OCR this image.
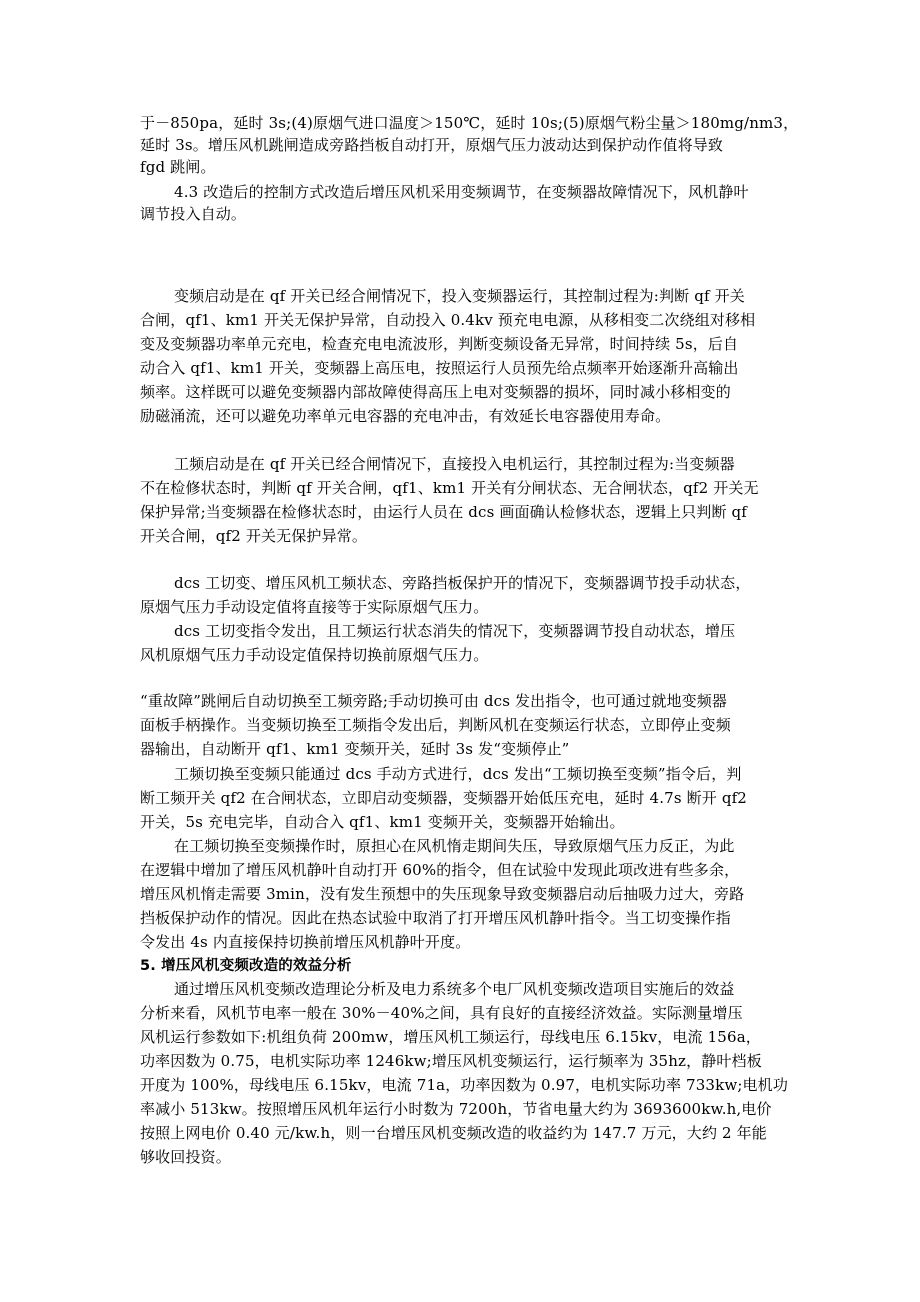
于－850pa，延时 3s;(4)原烟气进口温度＞150℃，延时 10s;(5)原烟气粉尘量＞180mg/nm3，
延时 3s。增压风机跳闸造成旁路挡板自动打开，原烟气压力波动达到保护动作值将导致
fgd 跳闸。
4.3 改造后的控制方式改造后增压风机采用变频调节，在变频器故障情况下，风机静叶
调节投入自动。
变频启动是在 qf 开关已经合闸情况下，投入变频器运行，其控制过程为:判断 qf 开关
合闸，qf1、km1 开关无保护异常，自动投入 0.4kv 预充电电源，从移相变二次绕组对移相
变及变频器功率单元充电，检查充电电流波形，判断变频设备无异常，时间持续 5s，后自
动合入 qf1、km1 开关，变频器上高压电，按照运行人员预先给点频率开始逐渐升高输出
频率。这样既可以避免变频器内部故障使得高压上电对变频器的损坏，同时减小移相变的
励磁涌流，还可以避免功率单元电容器的充电冲击，有效延长电容器使用寿命。
工频启动是在 qf 开关已经合闸情况下，直接投入电机运行，其控制过程为:当变频器
不在检修状态时，判断 qf 开关合闸，qf1、km1 开关有分闸状态、无合闸状态，qf2 开关无
保护异常;当变频器在检修状态时，由运行人员在 dcs 画面确认检修状态，逻辑上只判断 qf
开关合闸，qf2 开关无保护异常。
dcs 工切变、增压风机工频状态、旁路挡板保护开的情况下，变频器调节投手动状态，
原烟气压力手动设定值将直接等于实际原烟气压力。
dcs 工切变指令发出，且工频运行状态消失的情况下，变频器调节投自动状态，增压
风机原烟气压力手动设定值保持切换前原烟气压力。
“重故障”跳闸后自动切换至工频旁路;手动切换可由 dcs 发出指令，也可通过就地变频器
面板手柄操作。当变频切换至工频指令发出后，判断风机在变频运行状态，立即停止变频
器输出，自动断开 qf1、km1 变频开关，延时 3s 发“变频停止”
工频切换至变频只能通过 dcs 手动方式进行，dcs 发出“工频切换至变频”指令后，判
断工频开关 qf2 在合闸状态，立即启动变频器，变频器开始低压充电，延时 4.7s 断开 qf2
开关，5s 充电完毕，自动合入 qf1、km1 变频开关，变频器开始输出。
在工频切换至变频操作时，原担心在风机惰走期间失压，导致原烟气压力反正，为此
在逻辑中增加了增压风机静叶自动打开 60%的指令，但在试验中发现此项改进有些多余，
增压风机惰走需要 3min，没有发生预想中的失压现象导致变频器启动后抽吸力过大，旁路
挡板保护动作的情况。因此在热态试验中取消了打开增压风机静叶指令。当工切变操作指
令发出 4s 内直接保持切换前增压风机静叶开度。
5. 增压风机变频改造的效益分析
通过增压风机变频改造理论分析及电力系统多个电厂风机变频改造项目实施后的效益
分析来看，风机节电率一般在 30%－40%之间，具有良好的直接经济效益。实际测量增压
风机运行参数如下:机组负荷 200mw，增压风机工频运行，母线电压 6.15kv，电流 156a，
功率因数为 0.75，电机实际功率 1246kw;增压风机变频运行，运行频率为 35hz，静叶档板
开度为 100%，母线电压 6.15kv，电流 71a，功率因数为 0.97，电机实际功率 733kw;电机功
率减小 513kw。按照增压风机年运行小时数为 7200h，节省电量大约为 3693600kw.h,电价
按照上网电价 0.40 元/kw.h，则一台增压风机变频改造的收益约为 147.7 万元，大约 2 年能
够收回投资。
